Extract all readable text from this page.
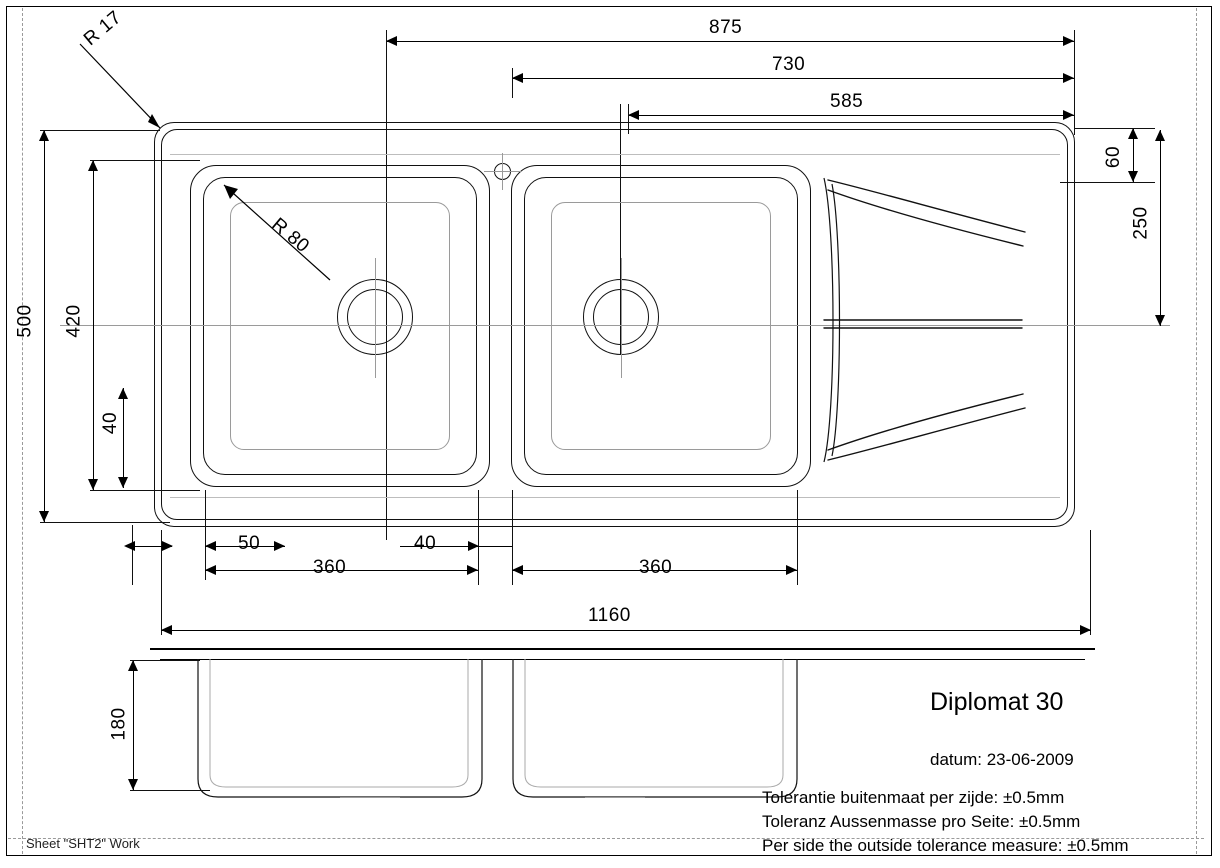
875
730
585
R 17
R 80
60
250
500 420
40
50
360
40
360
1160
180
Diplomat 30
datum: 23-06-2009
Tolerantie buitenmaat per zijde: ±0.5mm
Toleranz Aussenmasse pro Seite: ±0.5mm
Per side the outside tolerance measure: ±0.5mm
Sheet "SHT2" Work
